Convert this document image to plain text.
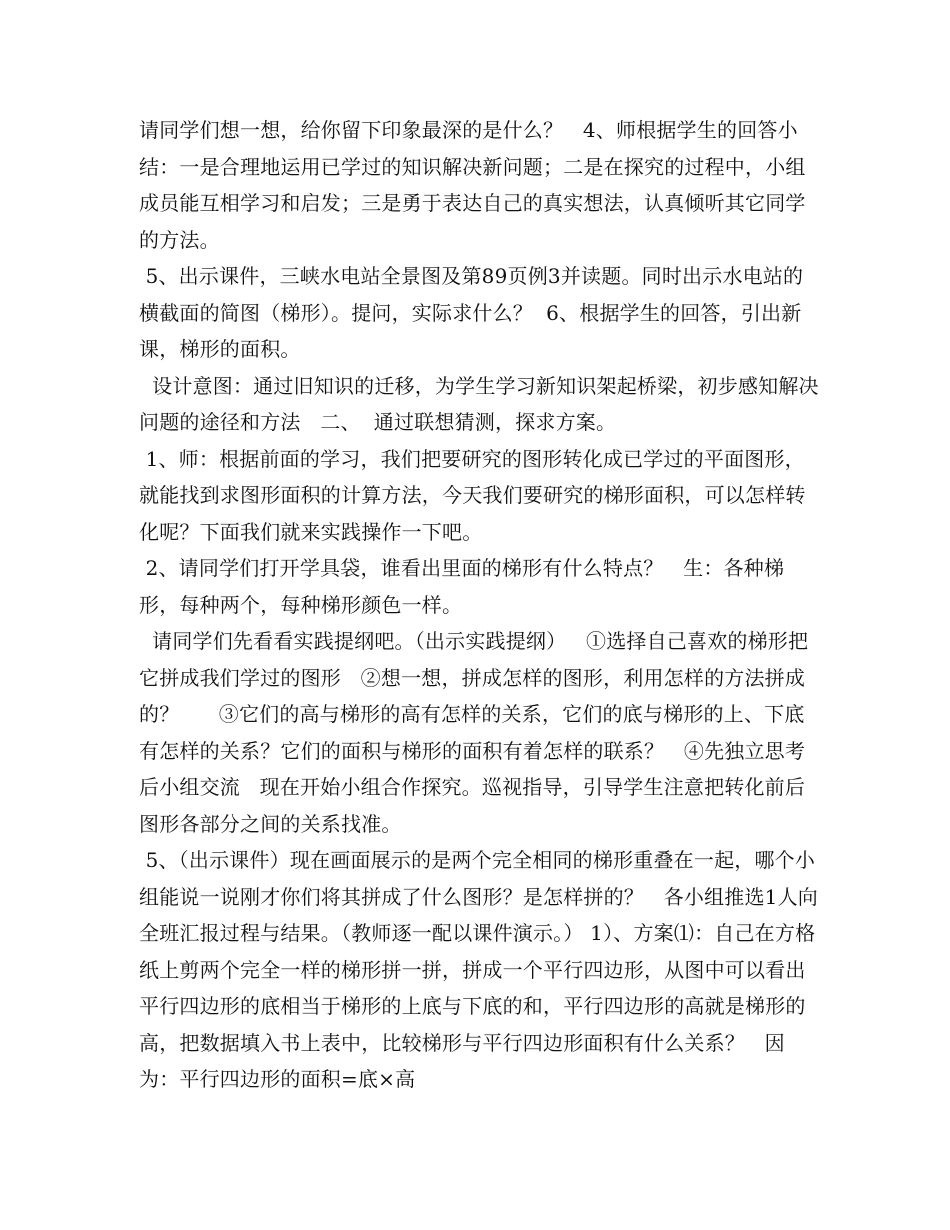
请同学们想一想，给你留下印象最深的是什么？   4、师根据学生的回答小结：一是合理地运用已学过的知识解决新问题；二是在探究的过程中，小组成员能互相学习和启发；三是勇于表达自己的真实想法，认真倾听其它同学的方法。

5、出示课件，三峡水电站全景图及第89页例3并读题。同时出示水电站的横截面的简图（梯形）。提问，实际求什么？  6、根据学生的回答，引出新课，梯形的面积。

设计意图：通过旧知识的迁移，为学生学习新知识架起桥梁，初步感知解决问题的途径和方法   二、  通过联想猜测，探求方案。

1、师：根据前面的学习，我们把要研究的图形转化成已学过的平面图形，就能找到求图形面积的计算方法，今天我们要研究的梯形面积，可以怎样转化呢？下面我们就来实践操作一下吧。

2、请同学们打开学具袋，谁看出里面的梯形有什么特点？   生：各种梯形，每种两个，每种梯形颜色一样。

请同学们先看看实践提纲吧。（出示实践提纲）   ①选择自己喜欢的梯形把它拼成我们学过的图形   ②想一想，拼成怎样的图形，利用怎样的方法拼成的？      ③它们的高与梯形的高有怎样的关系，它们的底与梯形的上、下底有怎样的关系？它们的面积与梯形的面积有着怎样的联系？   ④先独立思考后小组交流   现在开始小组合作探究。巡视指导，引导学生注意把转化前后图形各部分之间的关系找准。

5、（出示课件）现在画面展示的是两个完全相同的梯形重叠在一起，哪个小组能说一说刚才你们将其拼成了什么图形？是怎样拼的？   各小组推选1人向全班汇报过程与结果。（教师逐一配以课件演示。） 1）、方案⑴：自己在方格纸上剪两个完全一样的梯形拼一拼，拼成一个平行四边形，从图中可以看出平行四边形的底相当于梯形的上底与下底的和，平行四边形的高就是梯形的高，把数据填入书上表中，比较梯形与平行四边形面积有什么关系？   因为：平行四边形的面积=底×高
